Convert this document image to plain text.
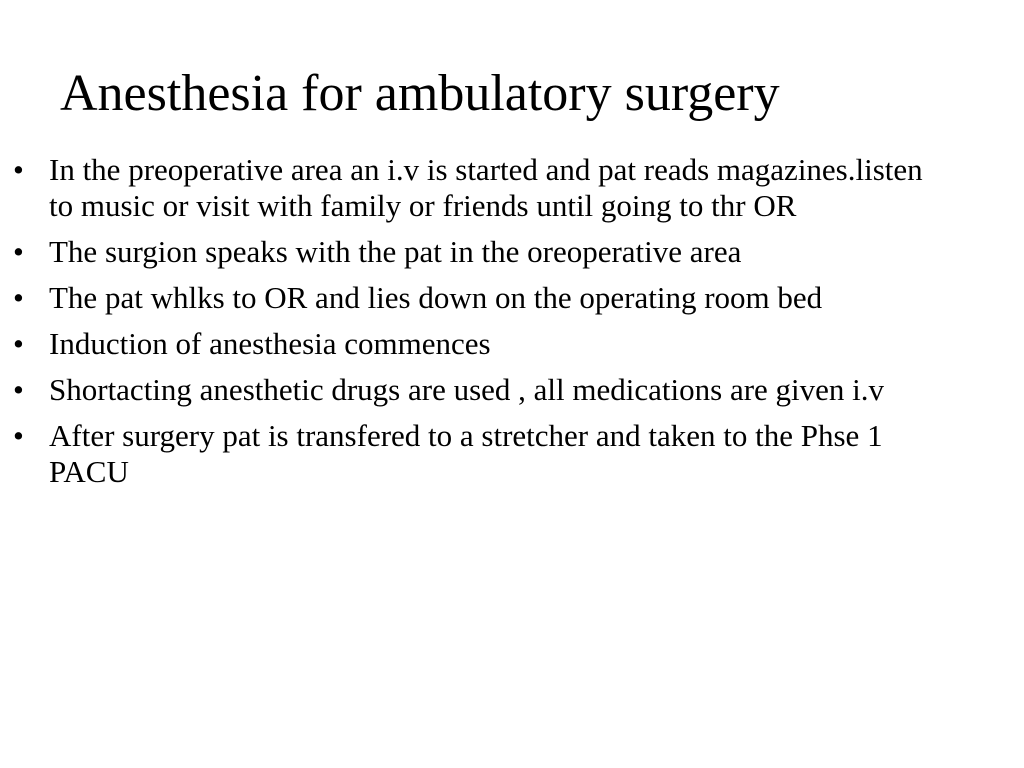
Anesthesia for ambulatory surgery
• In the preoperative area an i.v is started and pat reads magazines.listen to music or visit with family or friends until going to thr OR
• The surgion speaks with the pat in the oreoperative area
• The pat whlks to OR and lies down on the operating room bed
• Induction of anesthesia commences
• Shortacting anesthetic drugs are used , all medications are given i.v
• After surgery pat is transfered to a stretcher and taken to the Phse 1 PACU
